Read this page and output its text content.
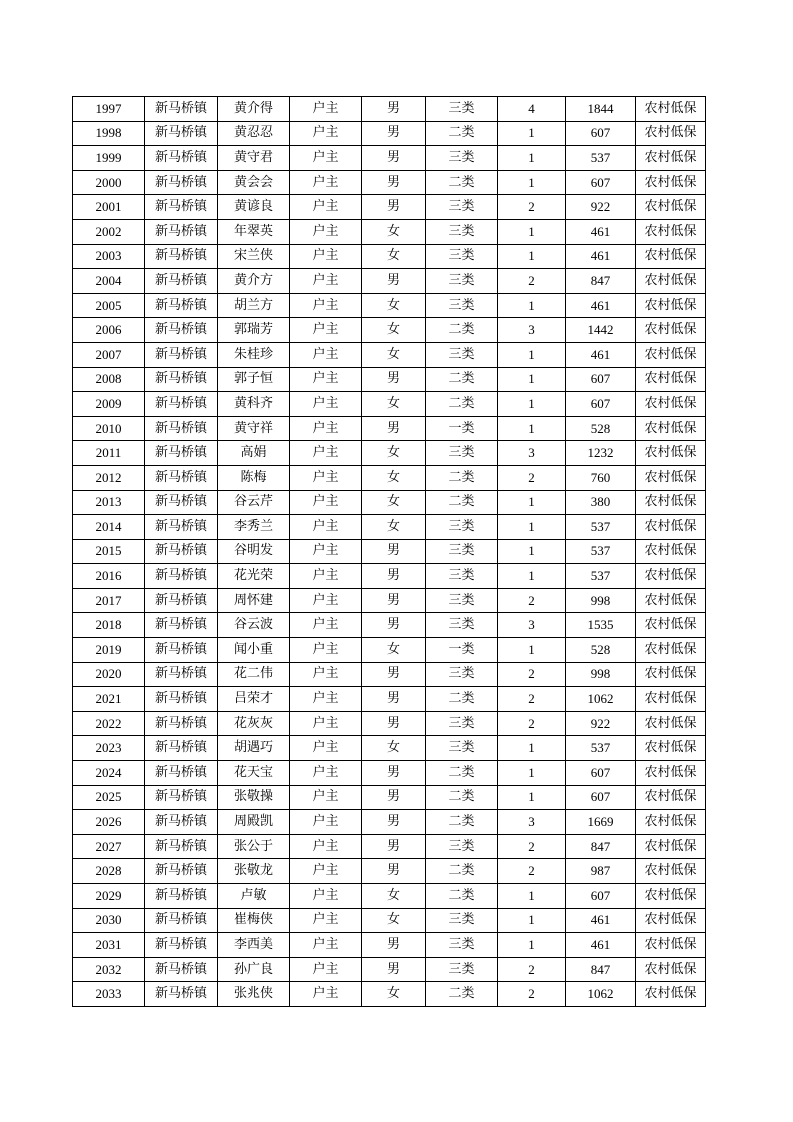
1997	新马桥镇	黄介得	户主	男	三类	4	1844	农村低保
1998	新马桥镇	黄忍忍	户主	男	二类	1	607	农村低保
1999	新马桥镇	黄守君	户主	男	三类	1	537	农村低保
2000	新马桥镇	黄会会	户主	男	二类	1	607	农村低保
2001	新马桥镇	黄谚良	户主	男	三类	2	922	农村低保
2002	新马桥镇	年翠英	户主	女	三类	1	461	农村低保
2003	新马桥镇	宋兰侠	户主	女	三类	1	461	农村低保
2004	新马桥镇	黄介方	户主	男	三类	2	847	农村低保
2005	新马桥镇	胡兰方	户主	女	三类	1	461	农村低保
2006	新马桥镇	郭瑞芳	户主	女	二类	3	1442	农村低保
2007	新马桥镇	朱桂珍	户主	女	三类	1	461	农村低保
2008	新马桥镇	郭子恒	户主	男	二类	1	607	农村低保
2009	新马桥镇	黄科齐	户主	女	二类	1	607	农村低保
2010	新马桥镇	黄守祥	户主	男	一类	1	528	农村低保
2011	新马桥镇	高娟	户主	女	三类	3	1232	农村低保
2012	新马桥镇	陈梅	户主	女	二类	2	760	农村低保
2013	新马桥镇	谷云芹	户主	女	二类	1	380	农村低保
2014	新马桥镇	李秀兰	户主	女	三类	1	537	农村低保
2015	新马桥镇	谷明发	户主	男	三类	1	537	农村低保
2016	新马桥镇	花光荣	户主	男	三类	1	537	农村低保
2017	新马桥镇	周怀建	户主	男	三类	2	998	农村低保
2018	新马桥镇	谷云波	户主	男	三类	3	1535	农村低保
2019	新马桥镇	闻小重	户主	女	一类	1	528	农村低保
2020	新马桥镇	花二伟	户主	男	三类	2	998	农村低保
2021	新马桥镇	吕荣才	户主	男	二类	2	1062	农村低保
2022	新马桥镇	花灰灰	户主	男	三类	2	922	农村低保
2023	新马桥镇	胡遇巧	户主	女	三类	1	537	农村低保
2024	新马桥镇	花天宝	户主	男	二类	1	607	农村低保
2025	新马桥镇	张敬操	户主	男	二类	1	607	农村低保
2026	新马桥镇	周殿凯	户主	男	二类	3	1669	农村低保
2027	新马桥镇	张公于	户主	男	三类	2	847	农村低保
2028	新马桥镇	张敬龙	户主	男	二类	2	987	农村低保
2029	新马桥镇	卢敏	户主	女	二类	1	607	农村低保
2030	新马桥镇	崔梅侠	户主	女	三类	1	461	农村低保
2031	新马桥镇	李西美	户主	男	三类	1	461	农村低保
2032	新马桥镇	孙广良	户主	男	三类	2	847	农村低保
2033	新马桥镇	张兆侠	户主	女	二类	2	1062	农村低保
